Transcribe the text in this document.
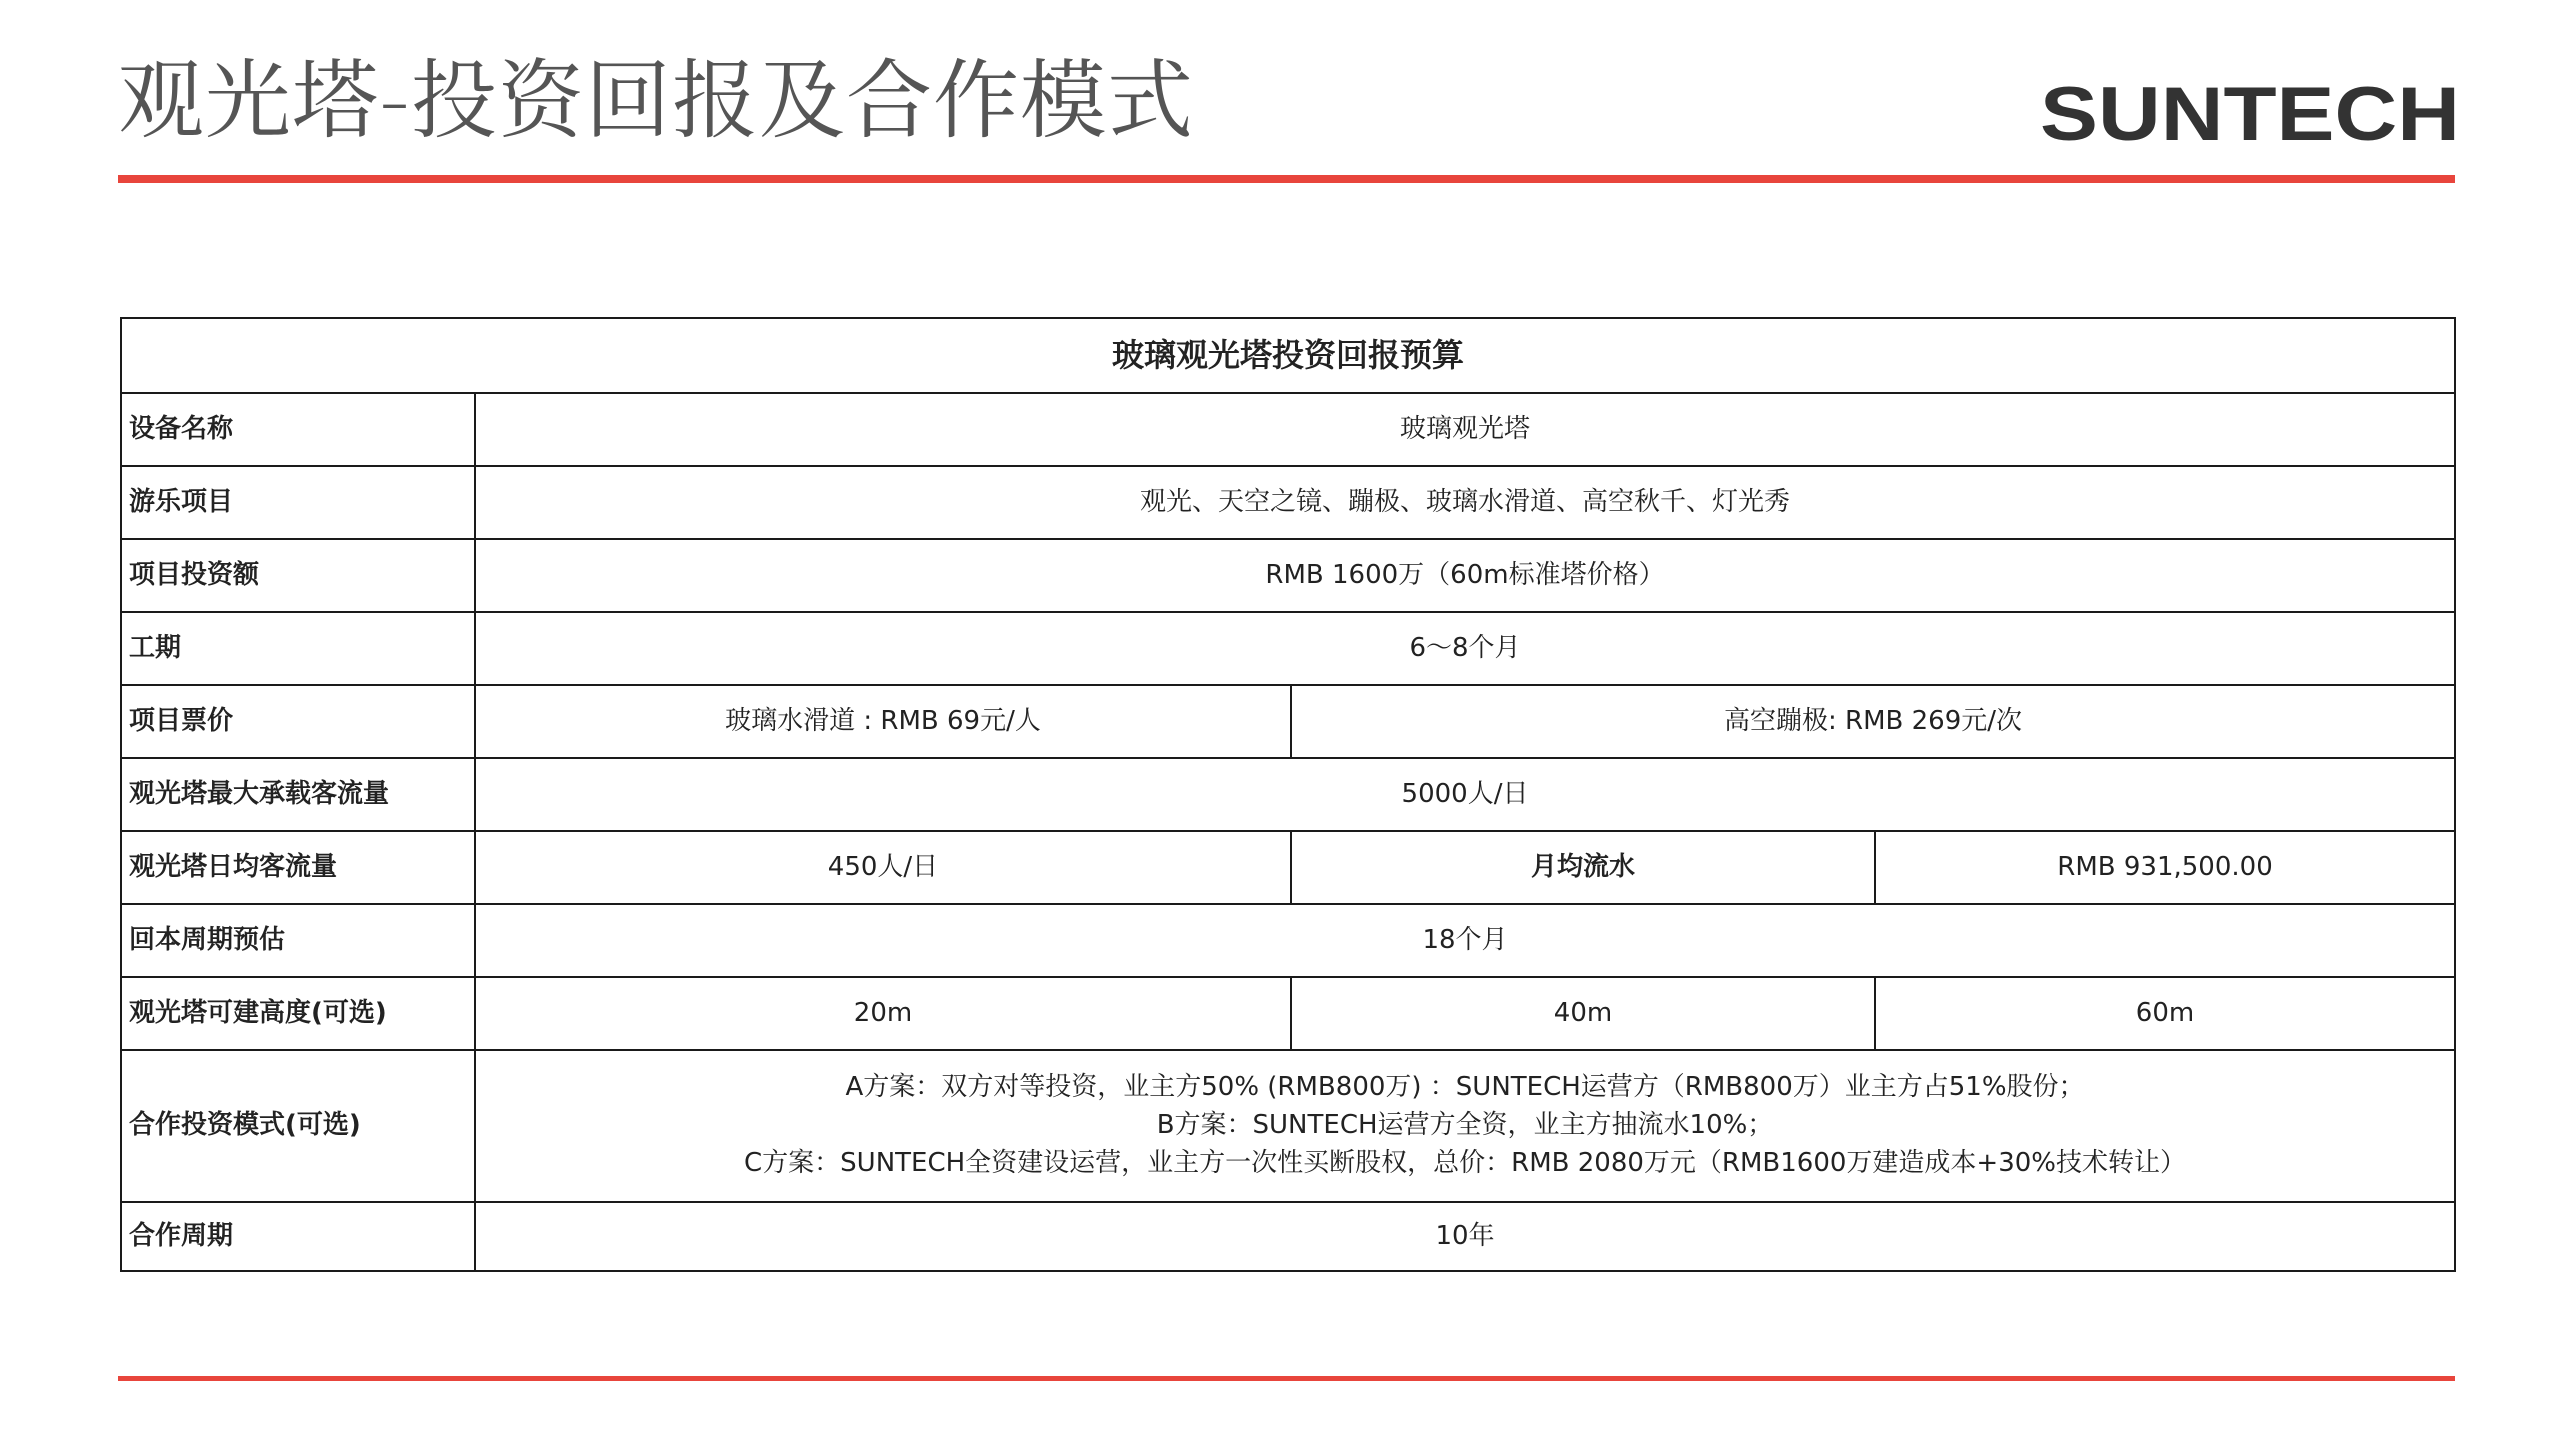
观光塔-投资回报及合作模式	SUNTECH
玻璃观光塔投资回报预算			
设备名称	玻璃观光塔		
游乐项目	观光、天空之镜、蹦极、玻璃水滑道、高空秋千、灯光秀		
项目投资额	RMB 1600万（60m标准塔价格）		
工期	6～8个月		
项目票价	玻璃水滑道 : RMB 69元/人	高空蹦极: RMB 269元/次	
观光塔最大承载客流量	5000人/日		
观光塔日均客流量	450人/日	月均流水	RMB 931,500.00
回本周期预估	18个月		
观光塔可建高度(可选)	20m	40m	60m
合作投资模式(可选)	A方案：双方对等投资，业主方50% (RMB800万) ：SUNTECH运营方（RMB800万）业主方占51%股份；
B方案：SUNTECH运营方全资，业主方抽流水10%；
C方案：SUNTECH全资建设运营，业主方一次性买断股权，总价：RMB 2080万元（RMB1600万建造成本+30%技术转让）		

合作周期	10年		
